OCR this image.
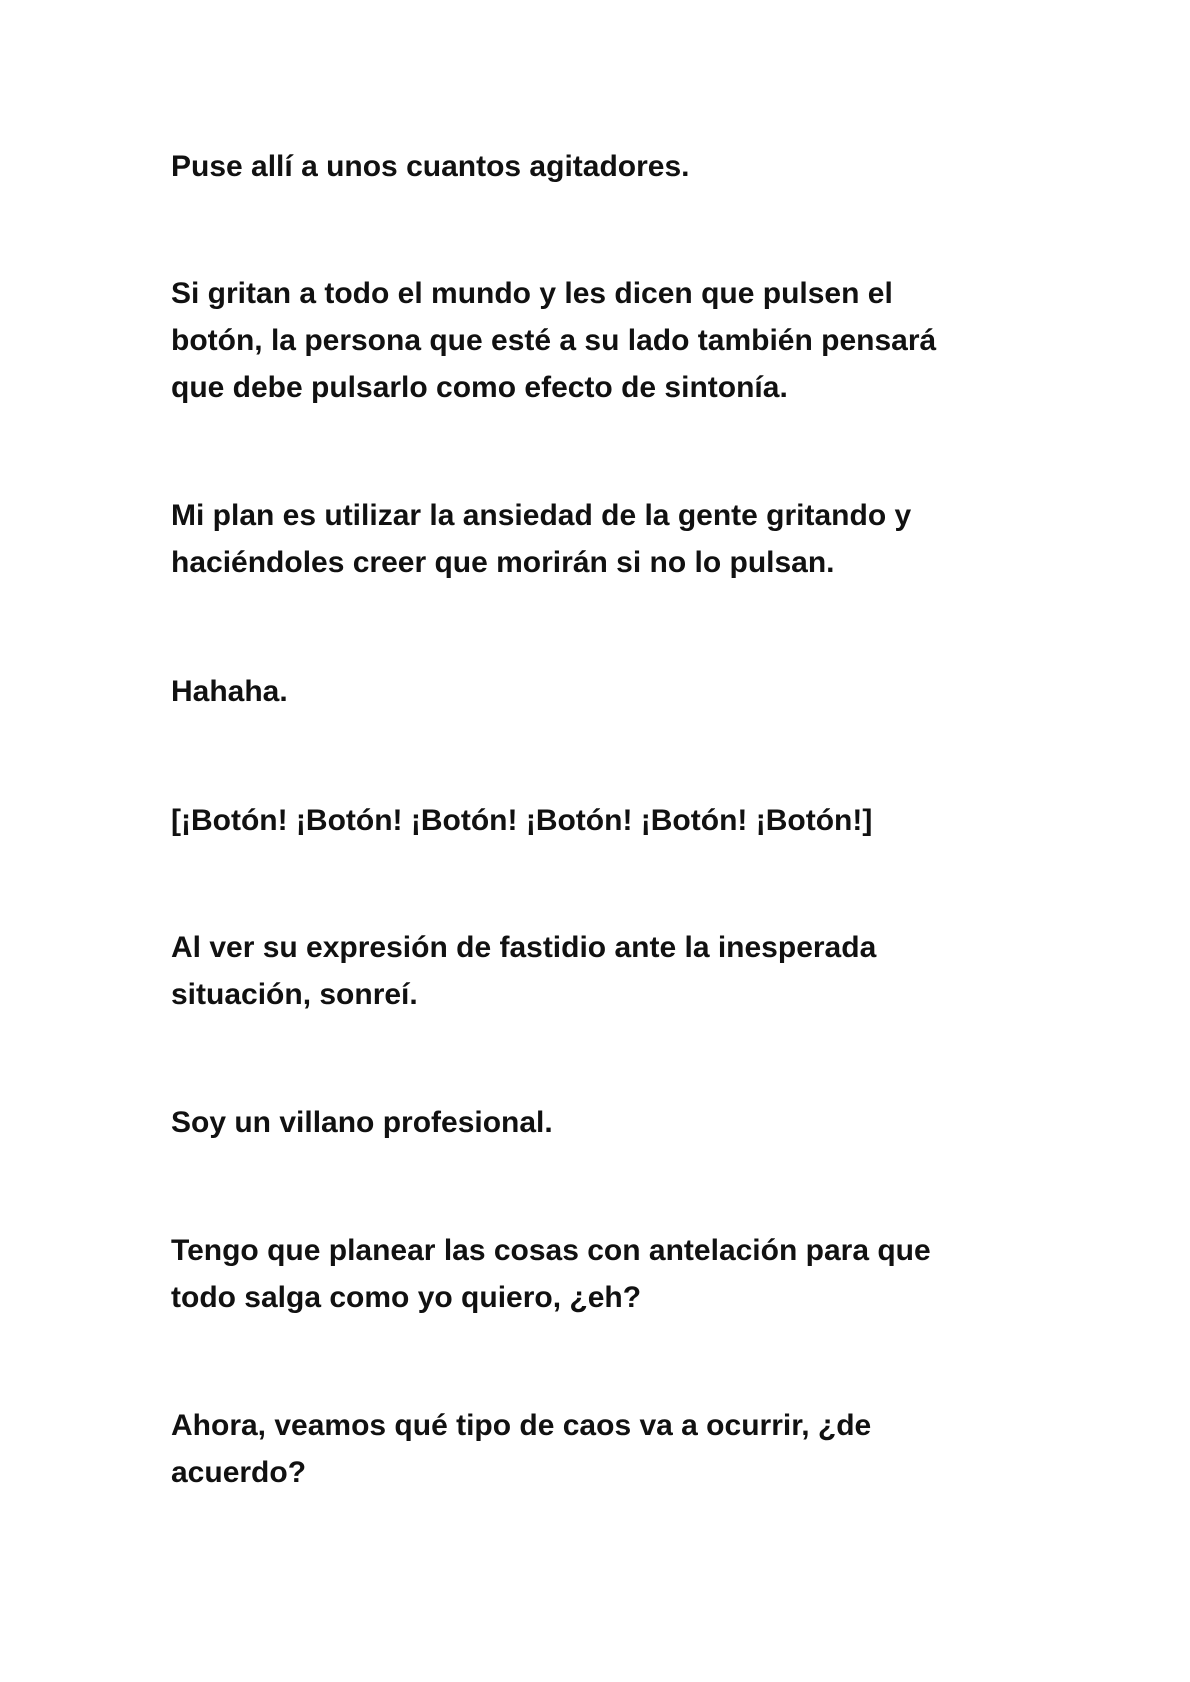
Puse allí a unos cuantos agitadores.

Si gritan a todo el mundo y les dicen que pulsen el
botón, la persona que esté a su lado también pensará
que debe pulsarlo como efecto de sintonía.

Mi plan es utilizar la ansiedad de la gente gritando y
haciéndoles creer que morirán si no lo pulsan.

Hahaha.

[¡Botón! ¡Botón! ¡Botón! ¡Botón! ¡Botón! ¡Botón!]

Al ver su expresión de fastidio ante la inesperada
situación, sonreí.

Soy un villano profesional.

Tengo que planear las cosas con antelación para que
todo salga como yo quiero, ¿eh?

Ahora, veamos qué tipo de caos va a ocurrir, ¿de
acuerdo?
